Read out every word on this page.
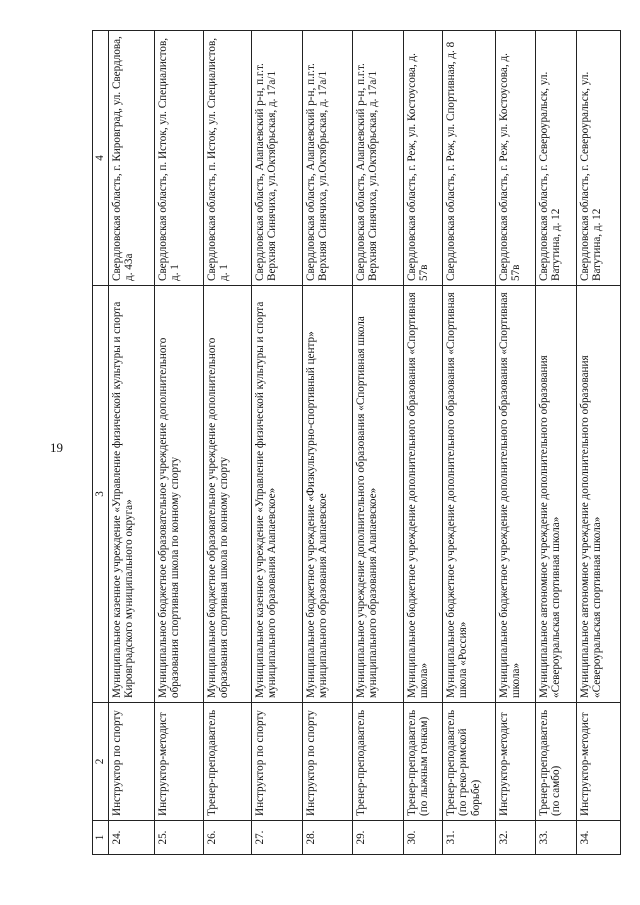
19
1	2	3	4
24.	Инструктор по спорту	Муниципальное казенное учреждение «Управление физической культуры и спорта Кировградского муниципального округа»	Свердловская область, г. Кировград, ул. Свердлова, д. 43а
25.	Инструктор-методист	Муниципальное бюджетное образовательное учреждение дополнительного образования спортивная школа по конному спорту	Свердловская область, п. Исток, ул. Специалистов, д. 1
26.	Тренер-преподаватель	Муниципальное бюджетное образовательное учреждение дополнительного образования спортивная школа по конному спорту	Свердловская область, п. Исток, ул. Специалистов, д. 1
27.	Инструктор по спорту	Муниципальное казенное учреждение «Управление физической культуры и спорта муниципального образования Алапаевское»	Свердловская область, Алапаевский р-н, п.г.т. Верхняя Синячиха, ул.Октябрьская, д. 17а/1
28.	Инструктор по спорту	Муниципальное бюджетное учреждение «Физкультурно-спортивный центр» муниципального образования Алапаевское	Свердловская область, Алапаевский р-н, п.г.т. Верхняя Синячиха, ул.Октябрьская, д. 17а/1
29.	Тренер-преподаватель	Муниципальное учреждение дополнительного образования «Спортивная школа муниципального образования Алапаевское»	Свердловская область, Алапаевский р-н, п.г.т. Верхняя Синячиха, ул.Октябрьская, д. 17а/1
30.	Тренер-преподаватель (по лыжным гонкам)	Муниципальное бюджетное учреждение дополнительного образования «Спортивная школа»	Свердловская область, г. Реж, ул. Костоусова, д. 57в
31.	Тренер-преподаватель (по греко-римской борьбе)	Муниципальное бюджетное учреждение дополнительного образования «Спортивная школа «Россия»	Свердловская область, г. Реж, ул. Спортивная, д. 8
32.	Инструктор-методист	Муниципальное бюджетное учреждение дополнительного образования «Спортивная школа»	Свердловская область, г. Реж, ул. Костоусова, д. 57в
33.	Тренер-преподаватель (по самбо)	Муниципальное автономное учреждение дополнительного образования «Североуральская спортивная школа»	Свердловская область, г. Североуральск, ул. Ватутина, д. 12
34.	Инструктор-методист	Муниципальное автономное учреждение дополнительного образования «Североуральская спортивная школа»	Свердловская область, г. Североуральск, ул. Ватутина, д. 12
